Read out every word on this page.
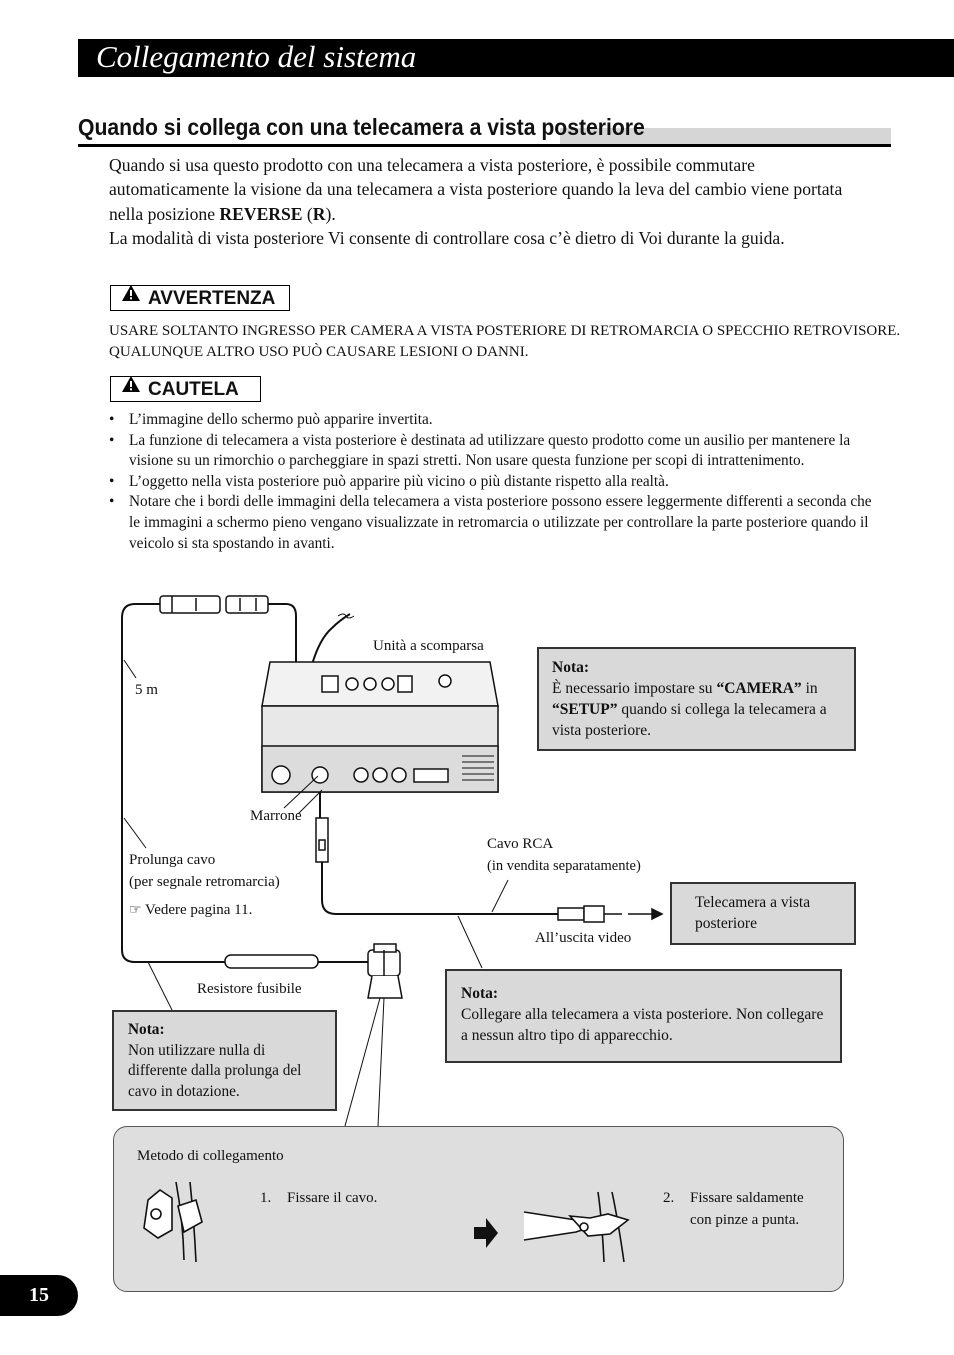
Collegamento del sistema
Quando si collega con una telecamera a vista posteriore

Quando si usa questo prodotto con una telecamera a vista posteriore, è possibile commutare automaticamente la visione da una telecamera a vista posteriore quando la leva del cambio viene portata nella posizione REVERSE (R).

La modalità di vista posteriore Vi consente di controllare cosa c’è dietro di Voi durante la guida.

AVVERTENZA
USARE SOLTANTO INGRESSO PER CAMERA A VISTA POSTERIORE DI RETROMARCIA O SPECCHIO RETROVISORE. QUALUNQUE ALTRO USO PUÒ CAUSARE LESIONI O DANNI.
CAUTELA
• L’immagine dello schermo può apparire invertita.
• La funzione di telecamera a vista posteriore è destinata ad utilizzare questo prodotto come un ausilio per mantenere la visione su un rimorchio o parcheggiare in spazi stretti. Non usare questa funzione per scopi di intrattenimento.
• L’oggetto nella vista posteriore può apparire più vicino o più distante rispetto alla realtà.
• Notare che i bordi delle immagini della telecamera a vista posteriore possono essere leggermente differenti a seconda che le immagini a schermo pieno vengano visualizzate in retromarcia o utilizzate per controllare la parte posteriore quando il veicolo si sta spostando in avanti.
Unità a scomparsa
5 m
Marrone
Prolunga cavo
(per segnale retromarcia)
☞ Vedere pagina 11.
Cavo RCA
(in vendita separatamente)
All’uscita video
Resistore fusibile
Telecamera a vista posteriore
Nota:
È necessario impostare su “CAMERA” in “SETUP” quando si collega la telecamera a vista posteriore.
Nota:
Collegare alla telecamera a vista posteriore. Non collegare a nessun altro tipo di apparecchio.
Nota:
Non utilizzare nulla di differente dalla prolunga del cavo in dotazione.
Metodo di collegamento
1. Fissare il cavo.	2. Fissare saldamente
con pinze a punta.
15
